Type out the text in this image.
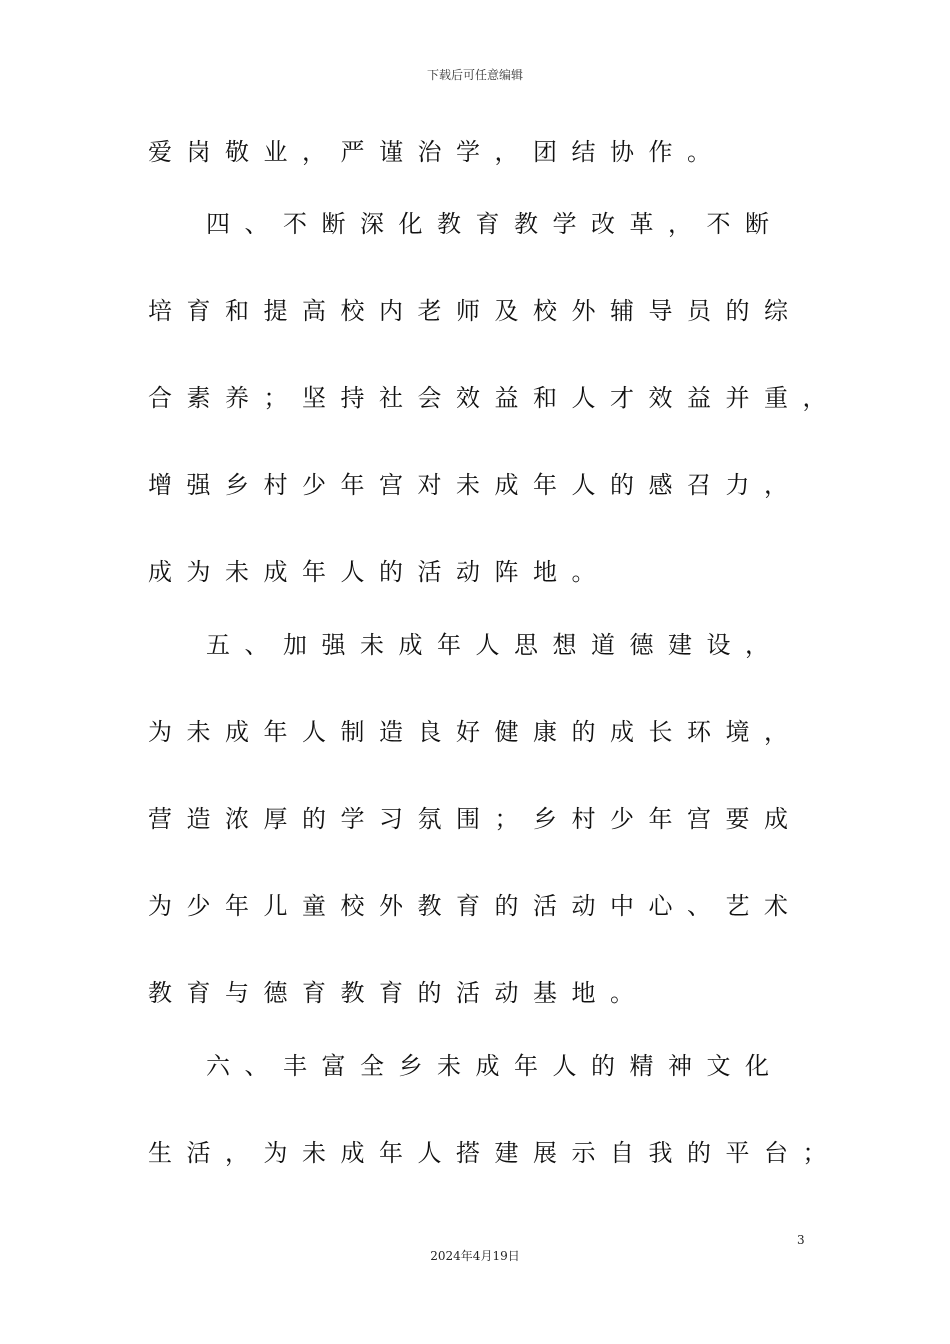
下载后可任意编辑
爱岗敬业，严谨治学，团结协作。
四、不断深化教育教学改革，不断
培育和提高校内老师及校外辅导员的综
合素养；坚持社会效益和人才效益并重，
增强乡村少年宫对未成年人的感召力，
成为未成年人的活动阵地。
五、加强未成年人思想道德建设，
为未成年人制造良好健康的成长环境，
营造浓厚的学习氛围；乡村少年宫要成
为少年儿童校外教育的活动中心、艺术
教育与德育教育的活动基地。
六、丰富全乡未成年人的精神文化
生活，为未成年人搭建展示自我的平台；
3
2024年4月19日
